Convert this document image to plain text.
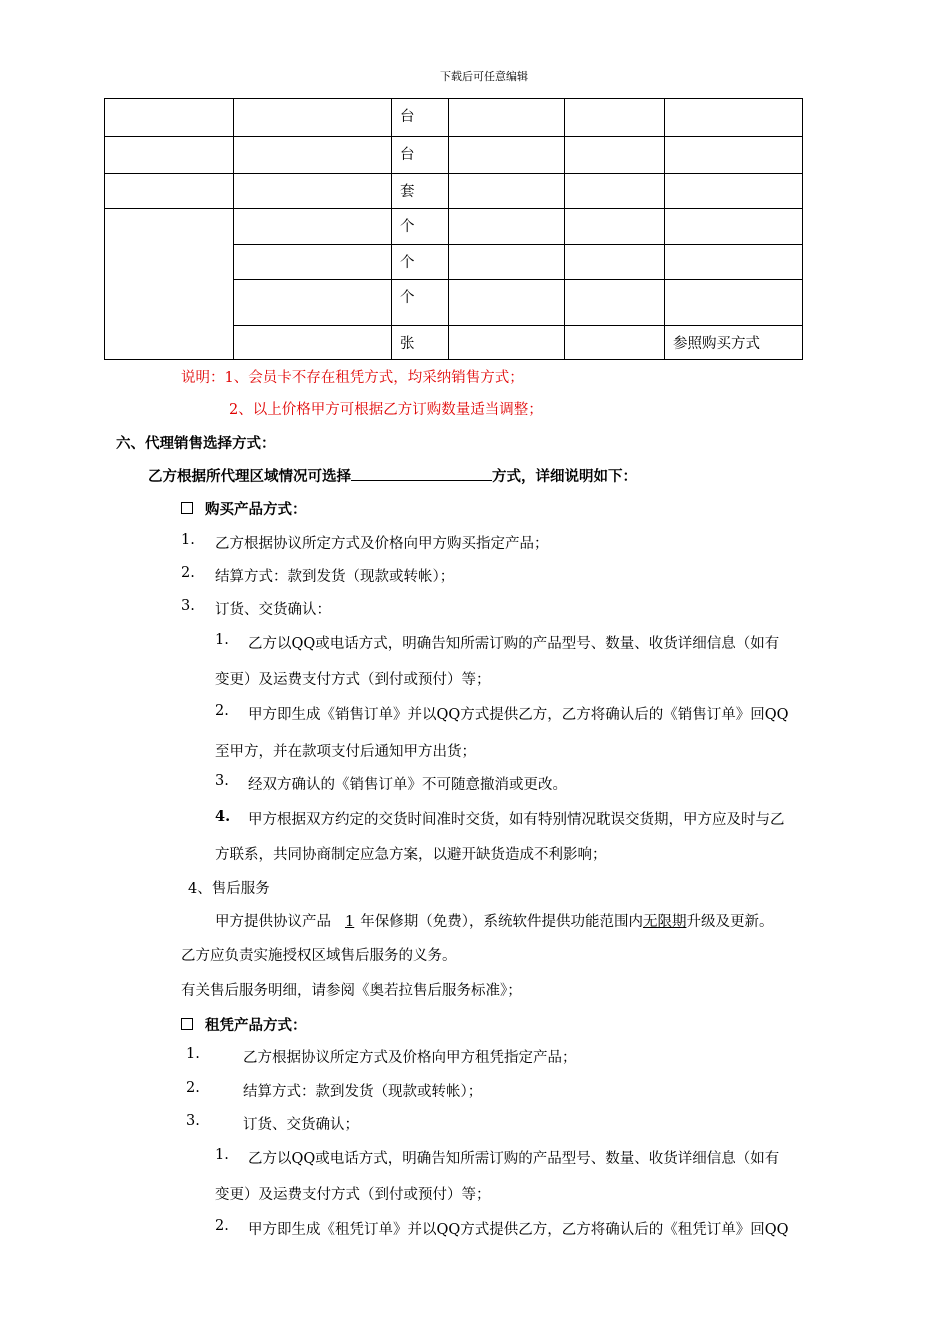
下载后可任意编辑
		台			
		台			
		套			
		个			
		个			
		个			
		张			参照购买方式
说明：1、会员卡不存在租凭方式，均采纳销售方式；
2、以上价格甲方可根据乙方订购数量适当调整；
六、代理销售选择方式：
乙方根据所代理区域情况可选择	方式，详细说明如下：
购买产品方式：
1. 乙方根据协议所定方式及价格向甲方购买指定产品；
2. 结算方式：款到发货（现款或转帐）；
3. 订货、交货确认：
1. 乙方以QQ或电话方式，明确告知所需订购的产品型号、数量、收货详细信息（如有
变更）及运费支付方式（到付或预付）等；
2. 甲方即生成《销售订单》并以QQ方式提供乙方，乙方将确认后的《销售订单》回QQ
至甲方，并在款项支付后通知甲方出货；
3. 经双方确认的《销售订单》不可随意撤消或更改。
4. 甲方根据双方约定的交货时间准时交货，如有特别情况耽误交货期，甲方应及时与乙
方联系，共同协商制定应急方案，以避开缺货造成不利影响；
4、售后服务
甲方提供协议产品 1 年保修期（免费），系统软件提供功能范围内无限期升级及更新。
乙方应负责实施授权区域售后服务的义务。
有关售后服务明细，请参阅《奥若拉售后服务标准》；
租凭产品方式：
1.	乙方根据协议所定方式及价格向甲方租凭指定产品；
2.	结算方式：款到发货（现款或转帐）；
3.	订货、交货确认；
1. 乙方以QQ或电话方式，明确告知所需订购的产品型号、数量、收货详细信息（如有
变更）及运费支付方式（到付或预付）等；
2. 甲方即生成《租凭订单》并以QQ方式提供乙方，乙方将确认后的《租凭订单》回QQ
